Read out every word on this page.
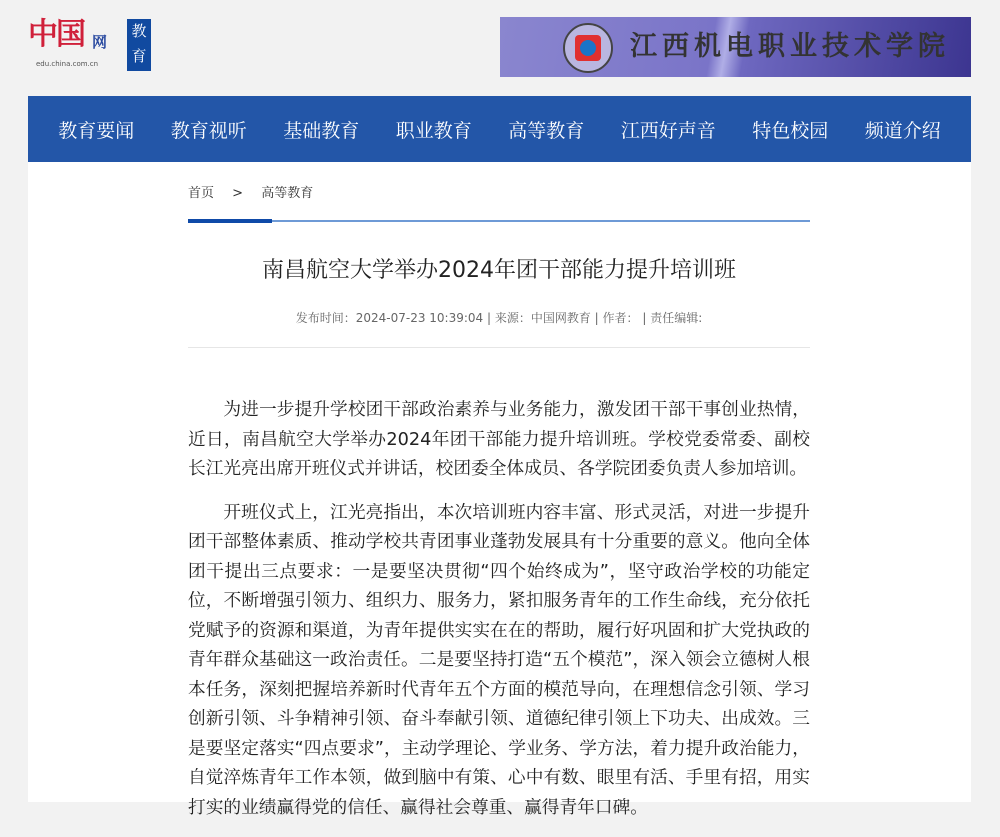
中国 网
edu.china.com.cn
教育	江西机电职业技术学院
教育要闻 教育视听 基础教育 职业教育 高等教育 江西好声音 特色校园 频道介绍
首页 > 高等教育
南昌航空大学举办2024年团干部能力提升培训班
发布时间：2024-07-23 10:39:04 | 来源：中国网教育 | 作者： | 责任编辑:

为进一步提升学校团干部政治素养与业务能力，激发团干部干事创业热情，近日，南昌航空大学举办2024年团干部能力提升培训班。学校党委常委、副校长江光亮出席开班仪式并讲话，校团委全体成员、各学院团委负责人参加培训。

开班仪式上，江光亮指出，本次培训班内容丰富、形式灵活，对进一步提升团干部整体素质、推动学校共青团事业蓬勃发展具有十分重要的意义。他向全体团干提出三点要求：一是要坚决贯彻“四个始终成为”，坚守政治学校的功能定位，不断增强引领力、组织力、服务力，紧扣服务青年的工作生命线，充分依托党赋予的资源和渠道，为青年提供实实在在的帮助，履行好巩固和扩大党执政的青年群众基础这一政治责任。二是要坚持打造“五个模范”，深入领会立德树人根本任务，深刻把握培养新时代青年五个方面的模范导向，在理想信念引领、学习创新引领、斗争精神引领、奋斗奉献引领、道德纪律引领上下功夫、出成效。三是要坚定落实“四点要求”，主动学理论、学业务、学方法，着力提升政治能力，自觉淬炼青年工作本领，做到脑中有策、心中有数、眼里有活、手里有招，用实打实的业绩赢得党的信任、赢得社会尊重、赢得青年口碑。
